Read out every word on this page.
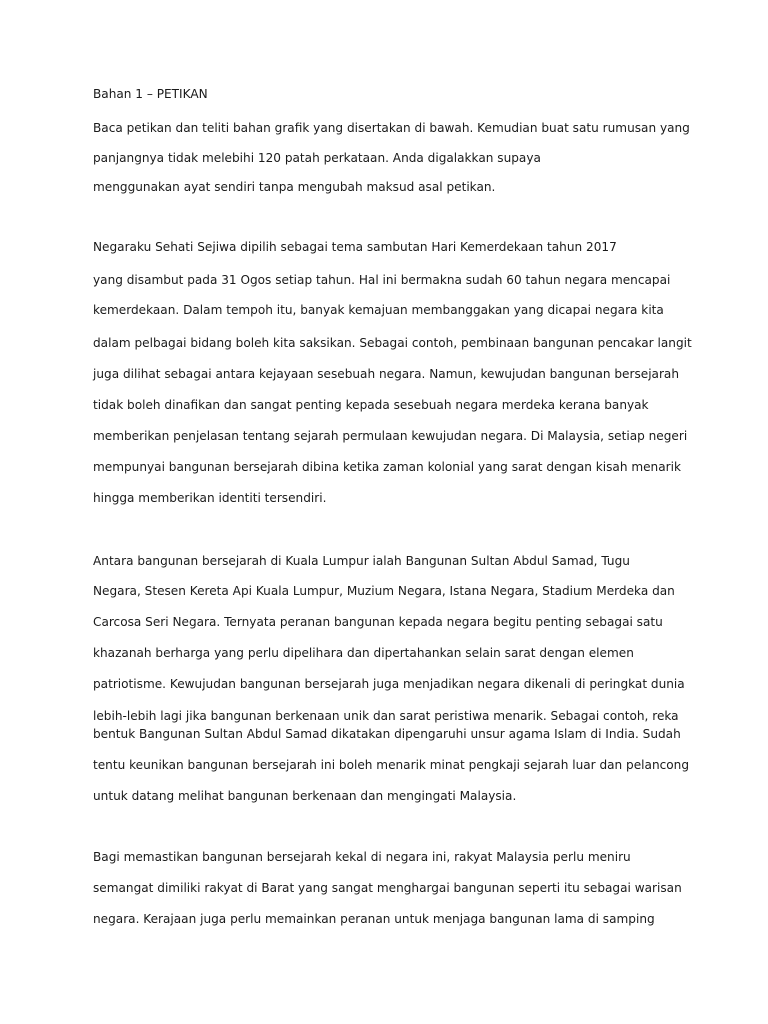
Bahan 1 – PETIKAN
Baca petikan dan teliti bahan grafik yang disertakan di bawah. Kemudian buat satu rumusan yang
panjangnya tidak melebihi 120 patah perkataan. Anda digalakkan supaya
menggunakan ayat sendiri tanpa mengubah maksud asal petikan.
Negaraku Sehati Sejiwa dipilih sebagai tema sambutan Hari Kemerdekaan tahun 2017
yang disambut pada 31 Ogos setiap tahun. Hal ini bermakna sudah 60 tahun negara mencapai
kemerdekaan. Dalam tempoh itu, banyak kemajuan membanggakan yang dicapai negara kita
dalam pelbagai bidang boleh kita saksikan. Sebagai contoh, pembinaan bangunan pencakar langit
juga dilihat sebagai antara kejayaan sesebuah negara. Namun, kewujudan bangunan bersejarah
tidak boleh dinafikan dan sangat penting kepada sesebuah negara merdeka kerana banyak
memberikan penjelasan tentang sejarah permulaan kewujudan negara. Di Malaysia, setiap negeri
mempunyai bangunan bersejarah dibina ketika zaman kolonial yang sarat dengan kisah menarik
hingga memberikan identiti tersendiri.
Antara bangunan bersejarah di Kuala Lumpur ialah Bangunan Sultan Abdul Samad, Tugu
Negara, Stesen Kereta Api Kuala Lumpur, Muzium Negara, Istana Negara, Stadium Merdeka dan
Carcosa Seri Negara. Ternyata peranan bangunan kepada negara begitu penting sebagai satu
khazanah berharga yang perlu dipelihara dan dipertahankan selain sarat dengan elemen
patriotisme. Kewujudan bangunan bersejarah juga menjadikan negara dikenali di peringkat dunia
lebih-lebih lagi jika bangunan berkenaan unik dan sarat peristiwa menarik. Sebagai contoh, reka
bentuk Bangunan Sultan Abdul Samad dikatakan dipengaruhi unsur agama Islam di India. Sudah
tentu keunikan bangunan bersejarah ini boleh menarik minat pengkaji sejarah luar dan pelancong
untuk datang melihat bangunan berkenaan dan mengingati Malaysia.
Bagi memastikan bangunan bersejarah kekal di negara ini, rakyat Malaysia perlu meniru
semangat dimiliki rakyat di Barat yang sangat menghargai bangunan seperti itu sebagai warisan
negara. Kerajaan juga perlu memainkan peranan untuk menjaga bangunan lama di samping
